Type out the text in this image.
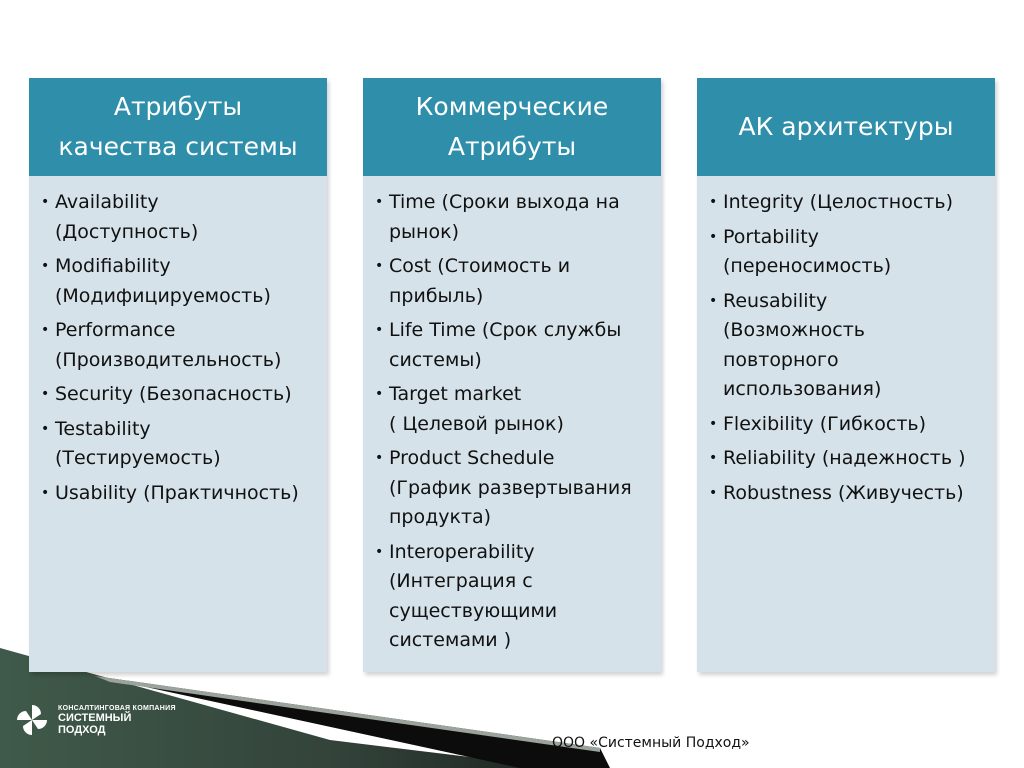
Атрибуты
качества системы
• Availability
(Доступность)
• Modifiability
(Модифицируемость)
• Performance
(Производительность)
• Security (Безопасность)
• Testability
(Тестируемость)
• Usability (Практичность)
Коммерческие
Атрибуты
• Time (Сроки выхода на
рынок)
• Cost (Стоимость и
прибыль)
• Life Time (Срок службы
системы)
• Target market
( Целевой рынок)
• Product Schedule
(График развертывания
продукта)
• Interoperability
(Интеграция с
существующими
системами )
АК архитектуры
• Integrity (Целостность)
• Portability
(переносимость)
• Reusability
(Возможность
повторного
использования)
• Flexibility (Гибкость)
• Reliability (надежность )
• Robustness (Живучесть)
КОНСАЛТИНГОВАЯ КОМПАНИЯ
СИСТЕМНЫЙ
ПОДХОД
ООО «Системный Подход»
